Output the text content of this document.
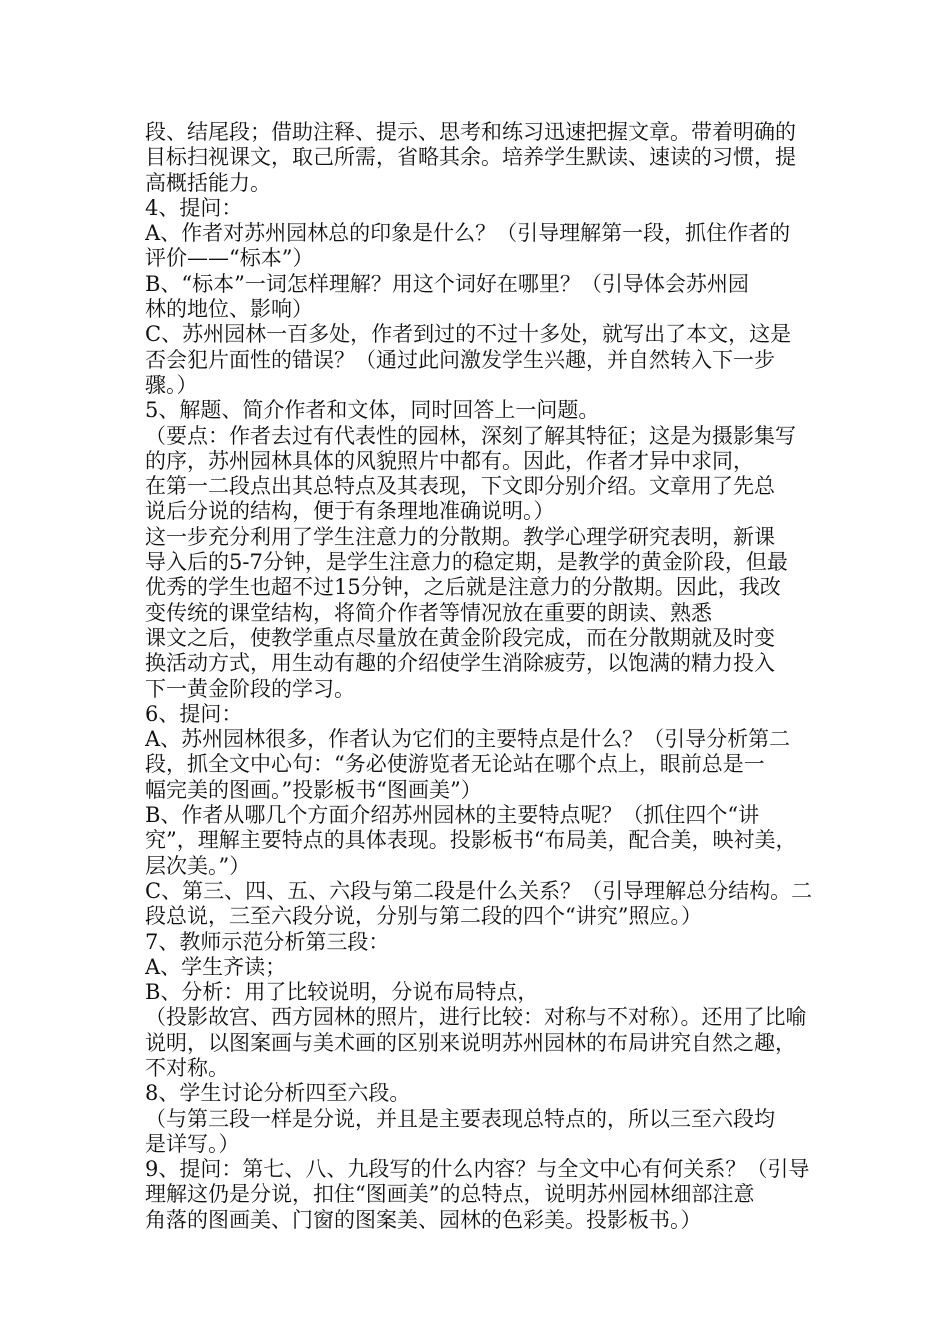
段、结尾段；借助注释、提示、思考和练习迅速把握文章。带着明确的
目标扫视课文，取己所需，省略其余。培养学生默读、速读的习惯，提
高概括能力。
4、提问：
A、作者对苏州园林总的印象是什么？（引导理解第一段，抓住作者的
评价——“标本”）
B、“标本”一词怎样理解？用这个词好在哪里？（引导体会苏州园
林的地位、影响）
C、苏州园林一百多处，作者到过的不过十多处，就写出了本文，这是
否会犯片面性的错误？（通过此问激发学生兴趣，并自然转入下一步
骤。）
5、解题、简介作者和文体，同时回答上一问题。
（要点：作者去过有代表性的园林，深刻了解其特征；这是为摄影集写
的序，苏州园林具体的风貌照片中都有。因此，作者才异中求同，
在第一二段点出其总特点及其表现，下文即分别介绍。文章用了先总
说后分说的结构，便于有条理地准确说明。）
这一步充分利用了学生注意力的分散期。教学心理学研究表明，新课
导入后的5-7分钟，是学生注意力的稳定期，是教学的黄金阶段，但最
优秀的学生也超不过15分钟，之后就是注意力的分散期。因此，我改
变传统的课堂结构，将简介作者等情况放在重要的朗读、熟悉
课文之后，使教学重点尽量放在黄金阶段完成，而在分散期就及时变
换活动方式，用生动有趣的介绍使学生消除疲劳，以饱满的精力投入
下一黄金阶段的学习。
6、提问：
A、苏州园林很多，作者认为它们的主要特点是什么？（引导分析第二
段，抓全文中心句：“务必使游览者无论站在哪个点上，眼前总是一
幅完美的图画。”投影板书“图画美”）
B、作者从哪几个方面介绍苏州园林的主要特点呢？（抓住四个“讲
究”，理解主要特点的具体表现。投影板书“布局美，配合美，映衬美，
层次美。”）
C、第三、四、五、六段与第二段是什么关系？（引导理解总分结构。二
段总说，三至六段分说，分别与第二段的四个“讲究”照应。）
7、教师示范分析第三段：
A、学生齐读；
B、分析：用了比较说明，分说布局特点，
（投影故宫、西方园林的照片，进行比较：对称与不对称）。还用了比喻
说明，以图案画与美术画的区别来说明苏州园林的布局讲究自然之趣，
不对称。
8、学生讨论分析四至六段。
（与第三段一样是分说，并且是主要表现总特点的，所以三至六段均
是详写。）
9、提问：第七、八、九段写的什么内容？与全文中心有何关系？（引导
理解这仍是分说，扣住“图画美”的总特点，说明苏州园林细部注意
角落的图画美、门窗的图案美、园林的色彩美。投影板书。）
